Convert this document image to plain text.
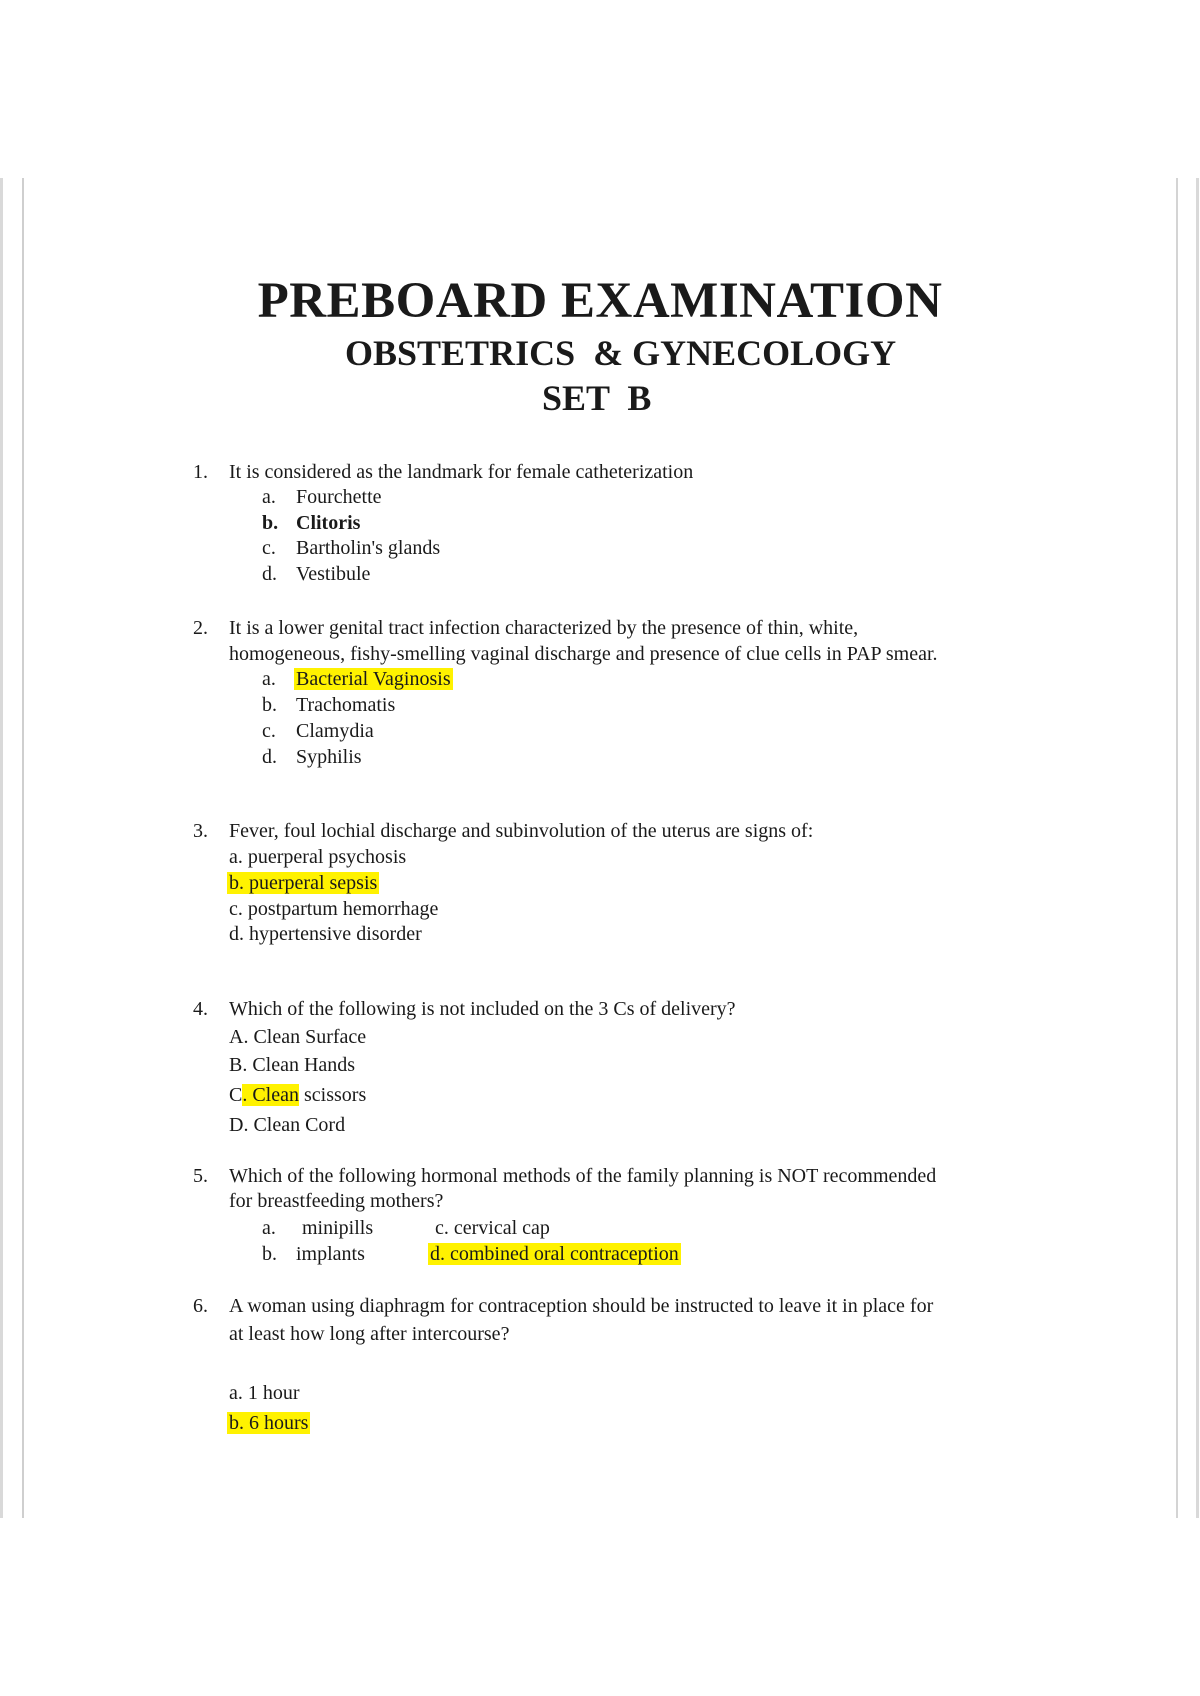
PREBOARD EXAMINATION
OBSTETRICS  & GYNECOLOGY
SET  B
1. It is considered as the landmark for female catheterization
a. Fourchette
b. Clitoris
c. Bartholin's glands
d. Vestibule
2. It is a lower genital tract infection characterized by the presence of thin, white,
homogeneous, fishy-smelling vaginal discharge and presence of clue cells in PAP smear.
a. Bacterial Vaginosis
b. Trachomatis
c. Clamydia
d. Syphilis
3. Fever, foul lochial discharge and subinvolution of the uterus are signs of:
a. puerperal psychosis
b. puerperal sepsis
c. postpartum hemorrhage
d. hypertensive disorder
4. Which of the following is not included on the 3 Cs of delivery?
A. Clean Surface
B. Clean Hands
C. Clean scissors
D. Clean Cord
5. Which of the following hormonal methods of the family planning is NOT recommended
for breastfeeding mothers?
a. minipills	c. cervical cap
b. implants	d. combined oral contraception
6. A woman using diaphragm for contraception should be instructed to leave it in place for
at least how long after intercourse?
a. 1 hour
b. 6 hours
